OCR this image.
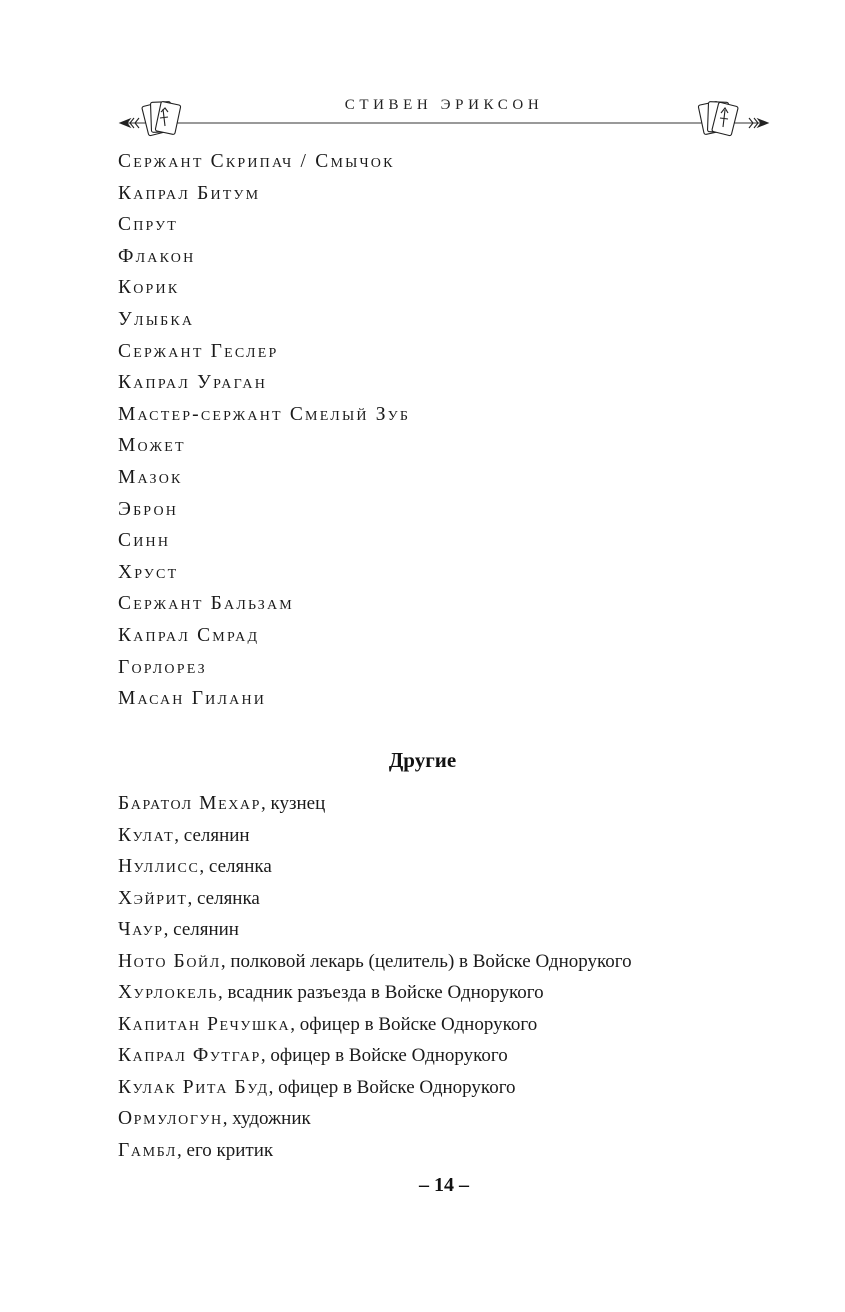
СТИВЕН ЭРИКСОН
Сержант Скрипач / Смычок
Капрал Битум
Спрут
Флакон
Корик
Улыбка
Сержант Геслер
Капрал Ураган
Мастер-сержант Смелый Зуб
Может
Мазок
Эброн
Синн
Хруст
Сержант Бальзам
Капрал Смрад
Горлорез
Масан Гилани
Другие
Баратол Мехар, кузнец
Кулат, селянин
Нуллисс, селянка
Хэйрит, селянка
Чаур, селянин
Ното Бойл, полковой лекарь (целитель) в Войске Однорукого
Хурлокель, всадник разъезда в Войске Однорукого
Капитан Речушка, офицер в Войске Однорукого
Капрал Футгар, офицер в Войске Однорукого
Кулак Рита Буд, офицер в Войске Однорукого
Ормулогун, художник
Гамбл, его критик
– 14 –
